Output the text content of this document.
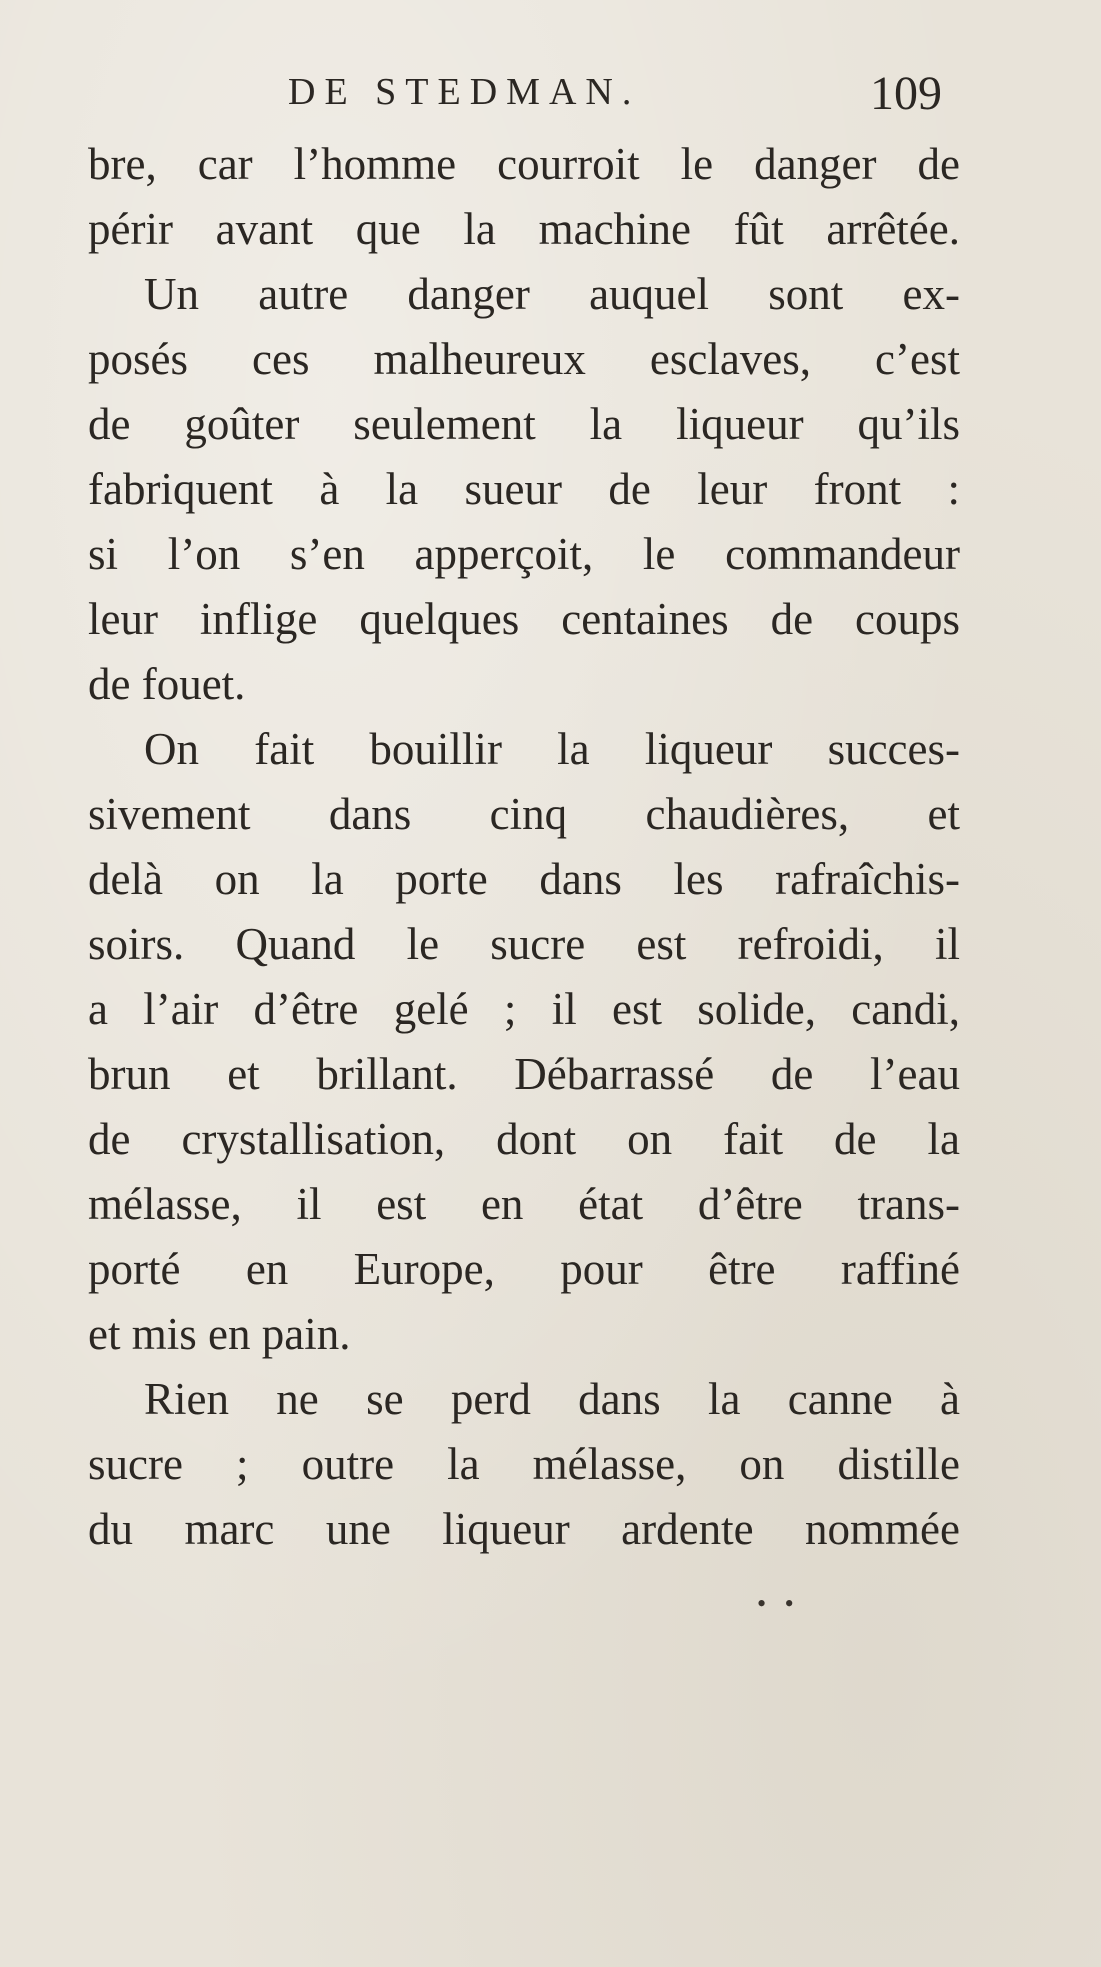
DE STEDMAN.	109
bre, car l’homme courroit le danger de
périr avant que la machine fût arrêtée.
Un autre danger auquel sont ex-
posés ces malheureux esclaves, c’est
de goûter seulement la liqueur qu’ils
fabriquent à la sueur de leur front :
si l’on s’en apperçoit, le commandeur
leur inflige quelques centaines de coups
de fouet.
On fait bouillir la liqueur succes-
sivement dans cinq chaudières, et
delà on la porte dans les rafraîchis-
soirs. Quand le sucre est refroidi, il
a l’air d’être gelé ; il est solide, candi,
brun et brillant. Débarrassé de l’eau
de crystallisation, dont on fait de la
mélasse, il est en état d’être trans-
porté en Europe, pour être raffiné
et mis en pain.
Rien ne se perd dans la canne à
sucre ; outre la mélasse, on distille
du marc une liqueur ardente nommée
• •
